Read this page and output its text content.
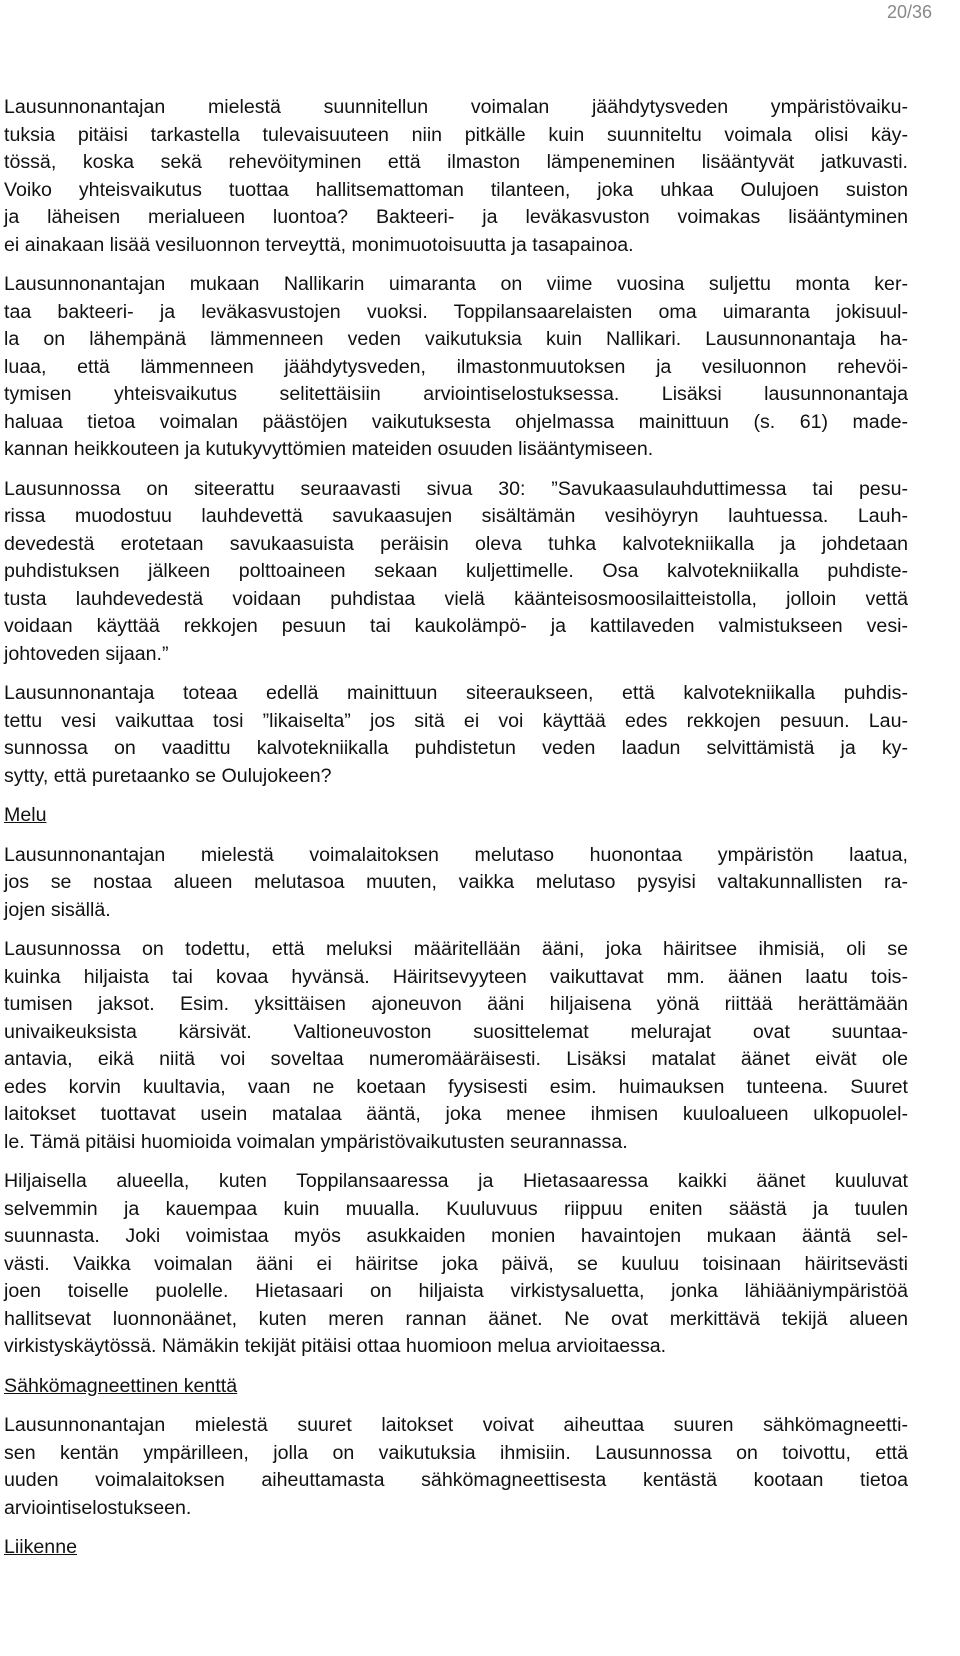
20/36
Lausunnonantajan mielestä suunnitellun voimalan jäähdytysveden ympäristövaiku-
tuksia pitäisi tarkastella tulevaisuuteen niin pitkälle kuin suunniteltu voimala olisi käy-
tössä, koska sekä rehevöityminen että ilmaston lämpeneminen lisääntyvät jatkuvasti.
Voiko yhteisvaikutus tuottaa hallitsemattoman tilanteen, joka uhkaa Oulujoen suiston
ja läheisen merialueen luontoa? Bakteeri- ja leväkasvuston voimakas lisääntyminen
ei ainakaan lisää vesiluonnon terveyttä, monimuotoisuutta ja tasapainoa.
Lausunnonantajan mukaan Nallikarin uimaranta on viime vuosina suljettu monta ker-
taa bakteeri- ja leväkasvustojen vuoksi. Toppilansaarelaisten oma uimaranta jokisuul-
la on lähempänä lämmenneen veden vaikutuksia kuin Nallikari. Lausunnonantaja ha-
luaa, että lämmenneen jäähdytysveden, ilmastonmuutoksen ja vesiluonnon rehevöi-
tymisen yhteisvaikutus selitettäisiin arviointiselostuksessa. Lisäksi lausunnonantaja
haluaa tietoa voimalan päästöjen vaikutuksesta ohjelmassa mainittuun (s. 61) made-
kannan heikkouteen ja kutukyvyttömien mateiden osuuden lisääntymiseen.
Lausunnossa on siteerattu seuraavasti sivua 30: ”Savukaasulauhduttimessa tai pesu-
rissa muodostuu lauhdevettä savukaasujen sisältämän vesihöyryn lauhtuessa. Lauh-
devedestä erotetaan savukaasuista peräisin oleva tuhka kalvotekniikalla ja johdetaan
puhdistuksen jälkeen polttoaineen sekaan kuljettimelle. Osa kalvotekniikalla puhdiste-
tusta lauhdevedestä voidaan puhdistaa vielä käänteisosmoosilaitteistolla, jolloin vettä
voidaan käyttää rekkojen pesuun tai kaukolämpö- ja kattilaveden valmistukseen vesi-
johtoveden sijaan.”
Lausunnonantaja toteaa edellä mainittuun siteeraukseen, että kalvotekniikalla puhdis-
tettu vesi vaikuttaa tosi ”likaiselta” jos sitä ei voi käyttää edes rekkojen pesuun. Lau-
sunnossa on vaadittu kalvotekniikalla puhdistetun veden laadun selvittämistä ja ky-
sytty, että puretaanko se Oulujokeen?
Melu
Lausunnonantajan mielestä voimalaitoksen melutaso huonontaa ympäristön laatua,
jos se nostaa alueen melutasoa muuten, vaikka melutaso pysyisi valtakunnallisten ra-
jojen sisällä.
Lausunnossa on todettu, että meluksi määritellään ääni, joka häiritsee ihmisiä, oli se
kuinka hiljaista tai kovaa hyvänsä. Häiritsevyyteen vaikuttavat mm. äänen laatu tois-
tumisen jaksot. Esim. yksittäisen ajoneuvon ääni hiljaisena yönä riittää herättämään
univaikeuksista kärsivät. Valtioneuvoston suosittelemat melurajat ovat suuntaa-
antavia, eikä niitä voi soveltaa numeromääräisesti. Lisäksi matalat äänet eivät ole
edes korvin kuultavia, vaan ne koetaan fyysisesti esim. huimauksen tunteena. Suuret
laitokset tuottavat usein matalaa ääntä, joka menee ihmisen kuuloalueen ulkopuolel-
le. Tämä pitäisi huomioida voimalan ympäristövaikutusten seurannassa.
Hiljaisella alueella, kuten Toppilansaaressa ja Hietasaaressa kaikki äänet kuuluvat
selvemmin ja kauempaa kuin muualla. Kuuluvuus riippuu eniten säästä ja tuulen
suunnasta. Joki voimistaa myös asukkaiden monien havaintojen mukaan ääntä sel-
västi. Vaikka voimalan ääni ei häiritse joka päivä, se kuuluu toisinaan häiritsevästi
joen toiselle puolelle. Hietasaari on hiljaista virkistysaluetta, jonka lähiääniympäristöä
hallitsevat luonnonäänet, kuten meren rannan äänet. Ne ovat merkittävä tekijä alueen
virkistyskäytössä. Nämäkin tekijät pitäisi ottaa huomioon melua arvioitaessa.
Sähkömagneettinen kenttä
Lausunnonantajan mielestä suuret laitokset voivat aiheuttaa suuren sähkömagneetti-
sen kentän ympärilleen, jolla on vaikutuksia ihmisiin. Lausunnossa on toivottu, että
uuden voimalaitoksen aiheuttamasta sähkömagneettisesta kentästä kootaan tietoa
arviointiselostukseen.
Liikenne
